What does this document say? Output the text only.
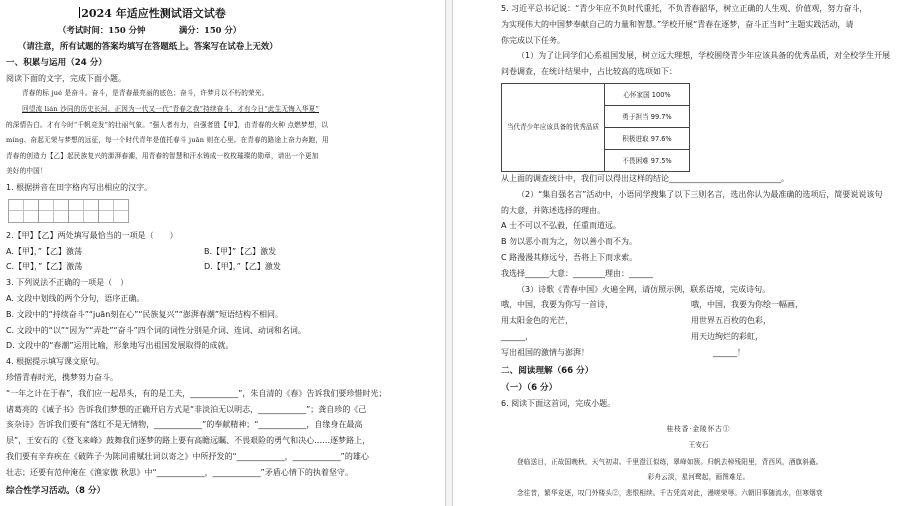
2024 年适应性测试语文试卷
（考试时间：150 分钟　　　　满分：150 分）
（请注意，所有试题的答案均填写在答题纸上。答案写在试卷上无效）
一、积累与运用（24 分）
阅读下面的文字，完成下面小题。
青春的标 jué 是奋斗。奋斗，是青春最亮丽的底色；奋斗，许梦月以不朽的荣光。
回望流 lián 沙同的历史长河，正因为一代又一代“青春之我”持续奋斗，才有今日“此生无悔入华夏”
的深情告白。才有今时“千帆竞发”的壮丽气象。“强人者有力，自强者胜【甲】，由青春的火种 点燃梦想，以
míng、奋起无荣与梦想的远征，每一个时代青年是值托春斗 juān 则在心里。在青春的路途上奋力奔跑，用
青春的创造力【乙】起民族复兴的澎湃春潮，用青春的智慧和汗水铸成一枚枚璀璨的勋章，谱出一个更加
美好的中国！
1. 根据拼音在田字格内写出相应的汉字。
2.【甲】【乙】两处填写最恰当的一项是（　　）
A.【甲】，”【乙】激荡	B.【甲】”【乙】激发
C.【甲】，”【乙】激荡	D.【甲】，”【乙】激发
3. 下列说法不正确的一项是（　）
A. 文段中划线的两个分句，语序正确。
B. 文段中的“持续奋斗”“juān刻在心”“民族复兴”“澎湃春潮”短语结构不相同。
C. 文段中的“以”“因为”“弄赴”“奋斗”四个词的词性分别是介词、连词、动词和名词。
D. 文段中的“春潮”运用比喻，形象地写出祖国发展取得的成就。
4. 根据提示填写课文原句。
珍惜青春时光，携梦努力奋斗。
“一年之计在于春”，我们应一起昂头，有的是工夫，____________”，朱自清的《春》告诉我们要珍惜时光；
诸葛亮的《诫子书》告诉我们梦想的正确开启方式是“非淡泊无以明志，____________”；龚自珍的《己
亥杂诗》告诉我们要有“落红不是无情物，____________”的奉献精神；“____________，自缘身在最高
层”，王安石的《登飞来峰》鼓舞我们逐梦的路上要有高瞻远瞩、不畏艰险的勇气和决心……逐梦路上，
我们要有辛弃疾在《破阵子·为陈同甫赋壮词以寄之》中所抒发的“____________，____________”的雄心
壮志；还要有范仲淹在《渔家傲 秋思》中“____________，____________”矛盾心情下的执着坚守。
综合性学习活动。（8 分）
5. 习近平总书记说：“青少年应不负时代重托，不负青春韶华，树立正确的人生观、价值观，努力奋斗，
为实现伟大的中国梦奉献自己的力量和智慧。”学校开展“青春在逐梦，奋斗正当时”主题实践活动，请
你完成以下任务。
（1）为了让同学们心系祖国发展，树立远大理想，学校围绕青少年应该具备的优秀品质，对全校学生开展
问卷调查，在统计结果中，占比较高的选项如下：
当代青少年应该具备的优秀品质	心怀家国 100%
勇于担当 99.7%
积极进取 97.6%
不畏困难 97.5%
从上面的调查统计中，我们可以得出这样的结论____________________________。
（2）“集自强名言”活动中，小语同学搜集了以下三则名言，选出你认为最准确的选项后，简要说说该句
的大意，并陈述选择的理由。
A 士不可以不弘毅，任重而道远。
B 勿以恶小而为之，勿以善小而不为。
C 路漫漫其修远兮，吾将上下而求索。
我选择______大意：________理由：______
（3）诗歌《青春中国》火遍全网，请仿照示例，联系语境，完成诗句。
哦，中国，我要为你写一首诗，	哦，中国，我要为你绘一幅画，
用太阳金色的光芒，	用世界五百枚的色彩，
______，	用天边绚烂的彩虹，
写出祖国的激情与澎湃！	______！
二、阅读理解（66 分）
（一）（6 分）
6. 阅读下面这首词，完成小题。
桂枝香·金陵怀古①
王安石
登临送目，正故国晚秋，天气初肃。千里澄江似练，翠峰如簇。归帆去棹残阳里，背西风，酒旗斜矗。
彩舟云淡，星河鹭起，画图难足。
念往昔，繁华竞逐，叹门外楼头②，悲恨相续。千古凭高对此，漫嗟荣辱。六朝旧事随流水，但寒烟衰
